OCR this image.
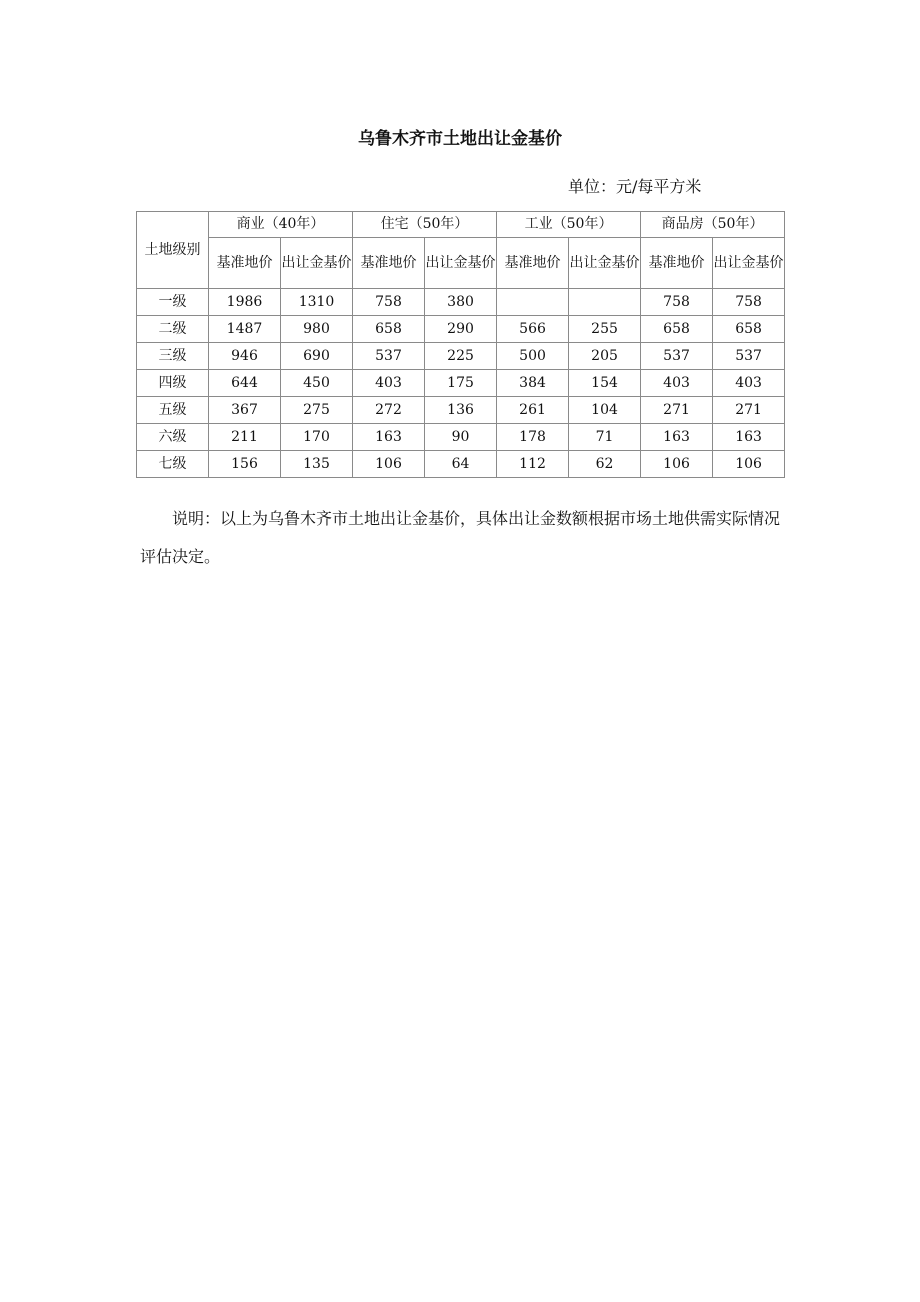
乌鲁木齐市土地出让金基价
单位：元/每平方米
土地级别	商业（40年）		住宅（50年）		工业（50年）		商品房（50年）	
	基准地价	出让金基价	基准地价	出让金基价	基准地价	出让金基价	基准地价	出让金基价
一级	1986	1310	758	380			758	758
二级	1487	980	658	290	566	255	658	658
三级	946	690	537	225	500	205	537	537
四级	644	450	403	175	384	154	403	403
五级	367	275	272	136	261	104	271	271
六级	211	170	163	90	178	71	163	163
七级	156	135	106	64	112	62	106	106
说明：以上为乌鲁木齐市土地出让金基价，具体出让金数额根据市场土地供需实际情况评估决定。
